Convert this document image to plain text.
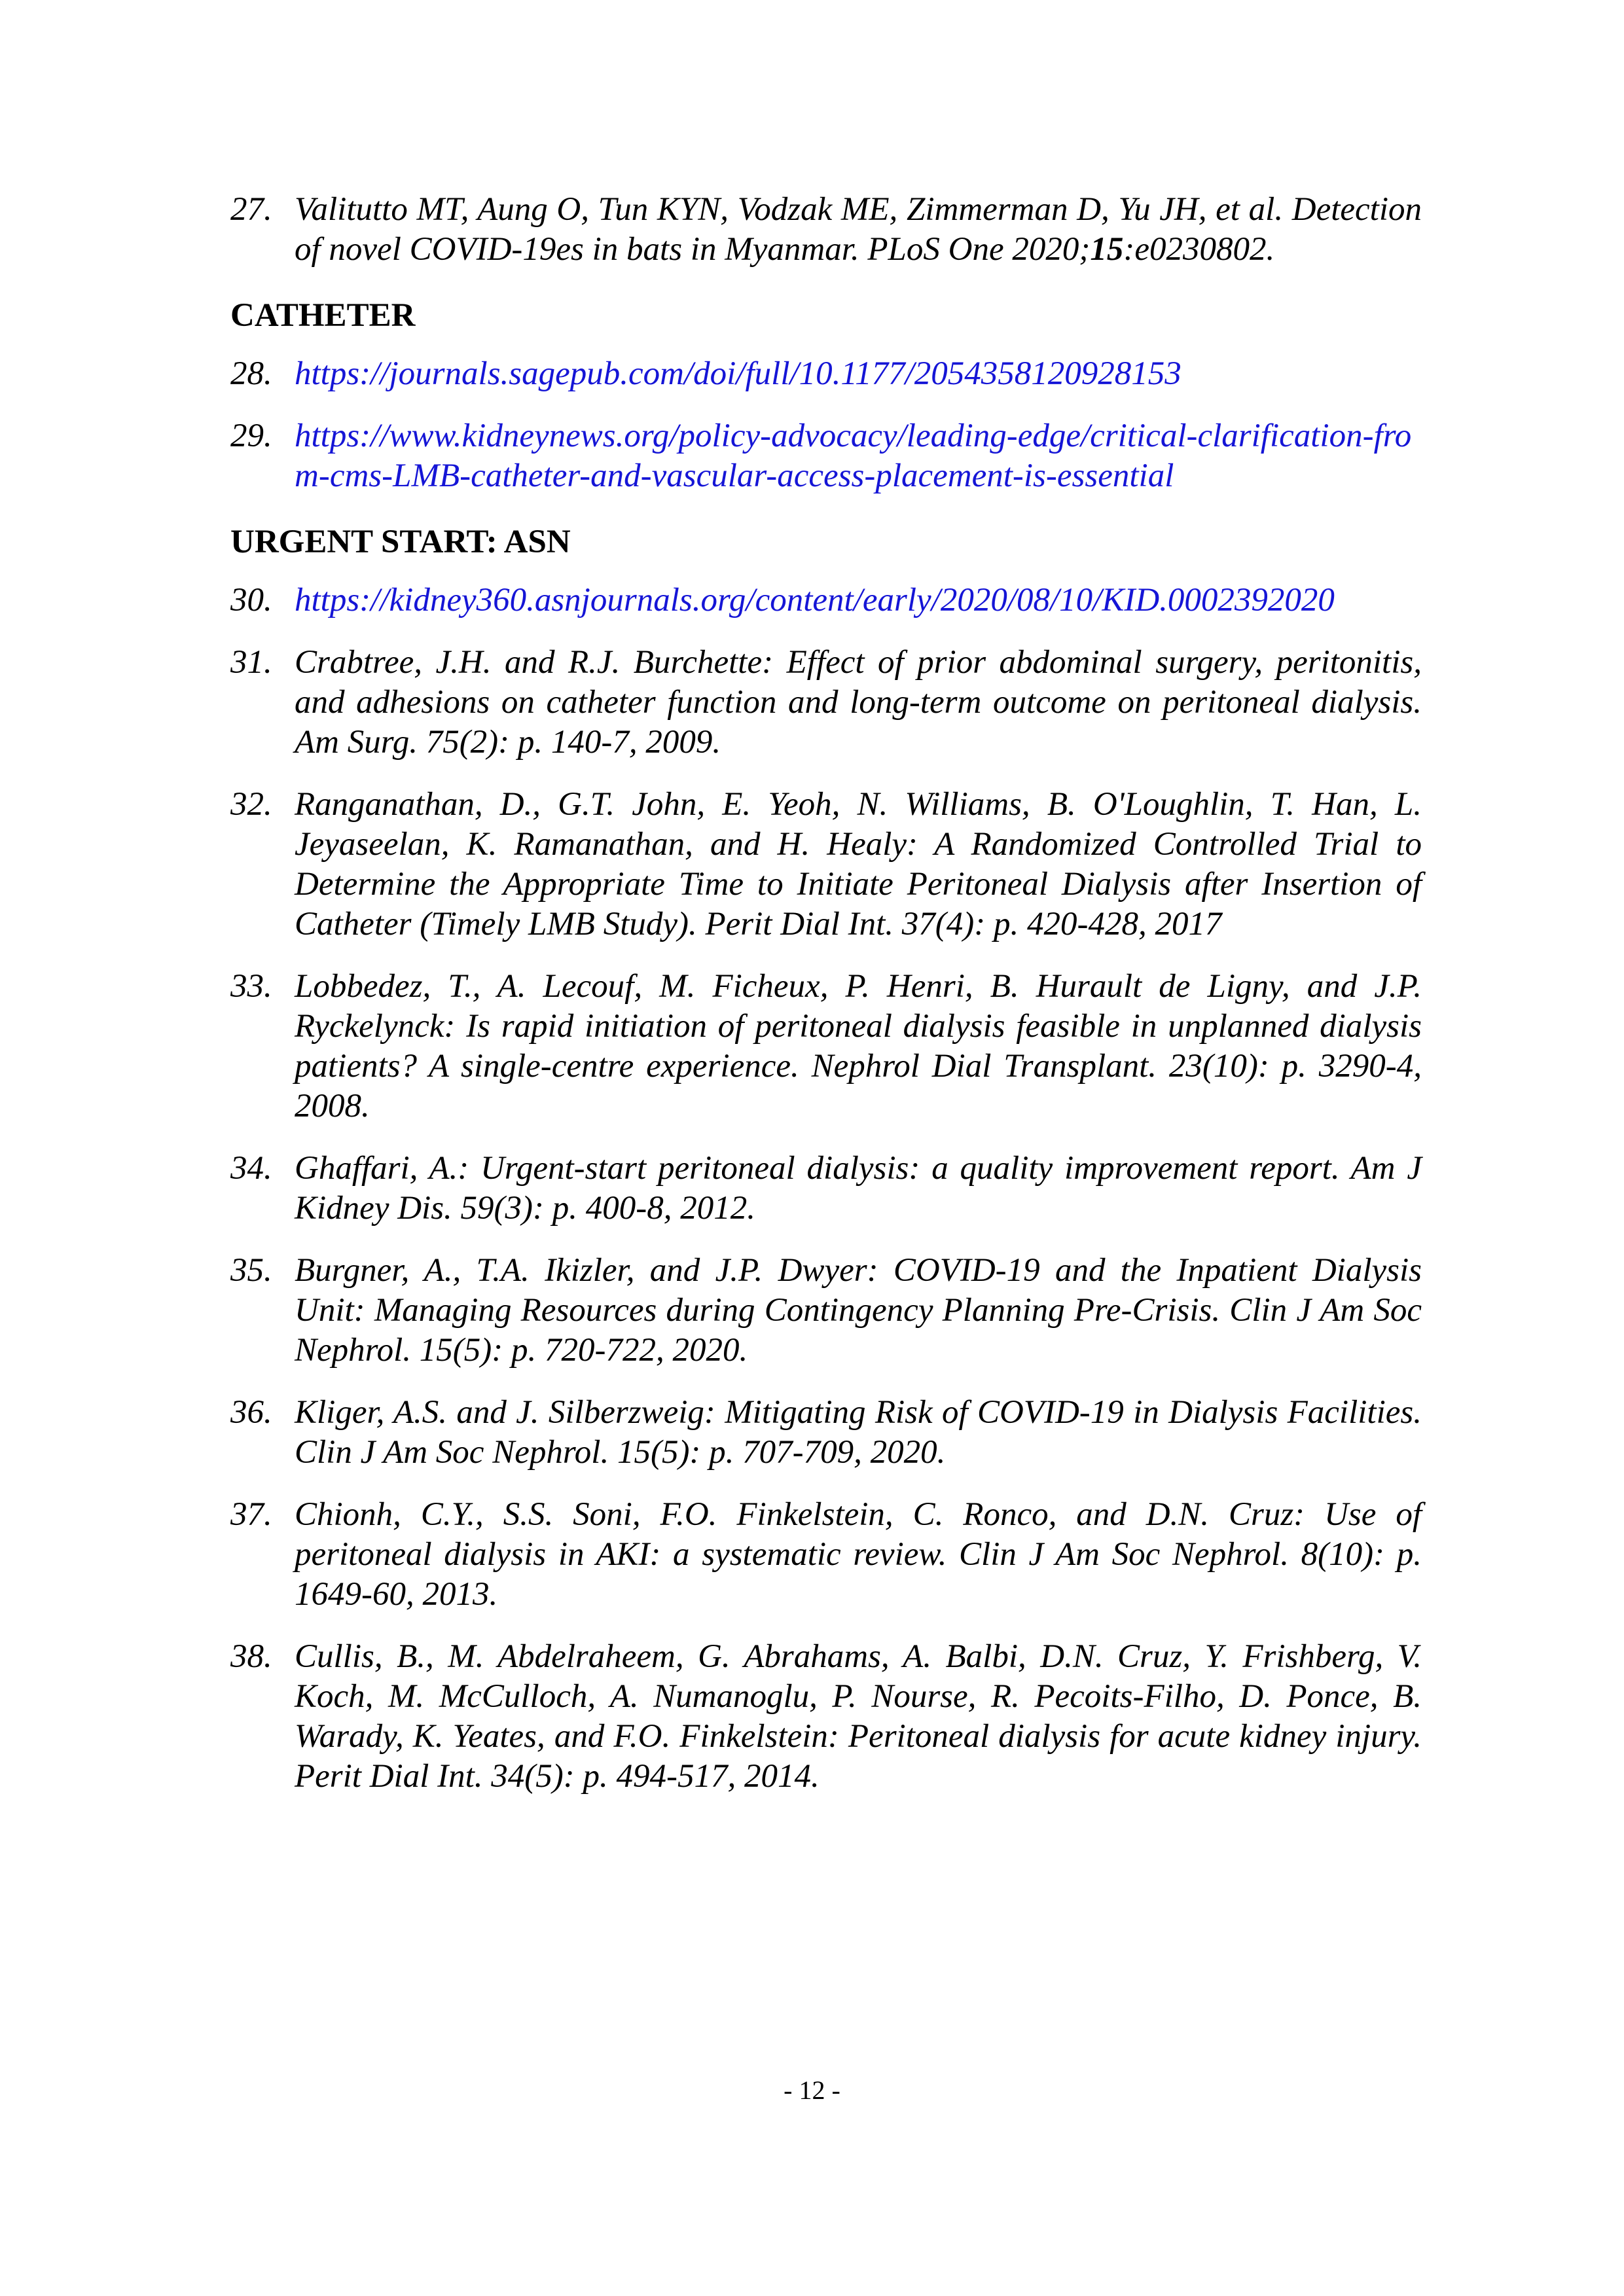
27. Valitutto MT, Aung O, Tun KYN, Vodzak ME, Zimmerman D, Yu JH, et al. Detection of novel COVID-19es in bats in Myanmar. PLoS One 2020;15:e0230802.
CATHETER
28. https://journals.sagepub.com/doi/full/10.1177/2054358120928153
29. https://www.kidneynews.org/policy-advocacy/leading-edge/critical-clarification-from-cms-LMB-catheter-and-vascular-access-placement-is-essential
URGENT START: ASN
30. https://kidney360.asnjournals.org/content/early/2020/08/10/KID.0002392020
31. Crabtree, J.H. and R.J. Burchette: Effect of prior abdominal surgery, peritonitis, and adhesions on catheter function and long-term outcome on peritoneal dialysis. Am Surg. 75(2): p. 140-7, 2009.
32. Ranganathan, D., G.T. John, E. Yeoh, N. Williams, B. O'Loughlin, T. Han, L. Jeyaseelan, K. Ramanathan, and H. Healy: A Randomized Controlled Trial to Determine the Appropriate Time to Initiate Peritoneal Dialysis after Insertion of Catheter (Timely LMB Study). Perit Dial Int. 37(4): p. 420-428, 2017
33. Lobbedez, T., A. Lecouf, M. Ficheux, P. Henri, B. Hurault de Ligny, and J.P. Ryckelynck: Is rapid initiation of peritoneal dialysis feasible in unplanned dialysis patients? A single-centre experience. Nephrol Dial Transplant. 23(10): p. 3290-4, 2008.
34. Ghaffari, A.: Urgent-start peritoneal dialysis: a quality improvement report. Am J Kidney Dis. 59(3): p. 400-8, 2012.
35. Burgner, A., T.A. Ikizler, and J.P. Dwyer: COVID-19 and the Inpatient Dialysis Unit: Managing Resources during Contingency Planning Pre-Crisis. Clin J Am Soc Nephrol. 15(5): p. 720-722, 2020.
36. Kliger, A.S. and J. Silberzweig: Mitigating Risk of COVID-19 in Dialysis Facilities. Clin J Am Soc Nephrol. 15(5): p. 707-709, 2020.
37. Chionh, C.Y., S.S. Soni, F.O. Finkelstein, C. Ronco, and D.N. Cruz: Use of peritoneal dialysis in AKI: a systematic review. Clin J Am Soc Nephrol. 8(10): p. 1649-60, 2013.
38. Cullis, B., M. Abdelraheem, G. Abrahams, A. Balbi, D.N. Cruz, Y. Frishberg, V. Koch, M. McCulloch, A. Numanoglu, P. Nourse, R. Pecoits-Filho, D. Ponce, B. Warady, K. Yeates, and F.O. Finkelstein: Peritoneal dialysis for acute kidney injury. Perit Dial Int. 34(5): p. 494-517, 2014.
- 12 -
